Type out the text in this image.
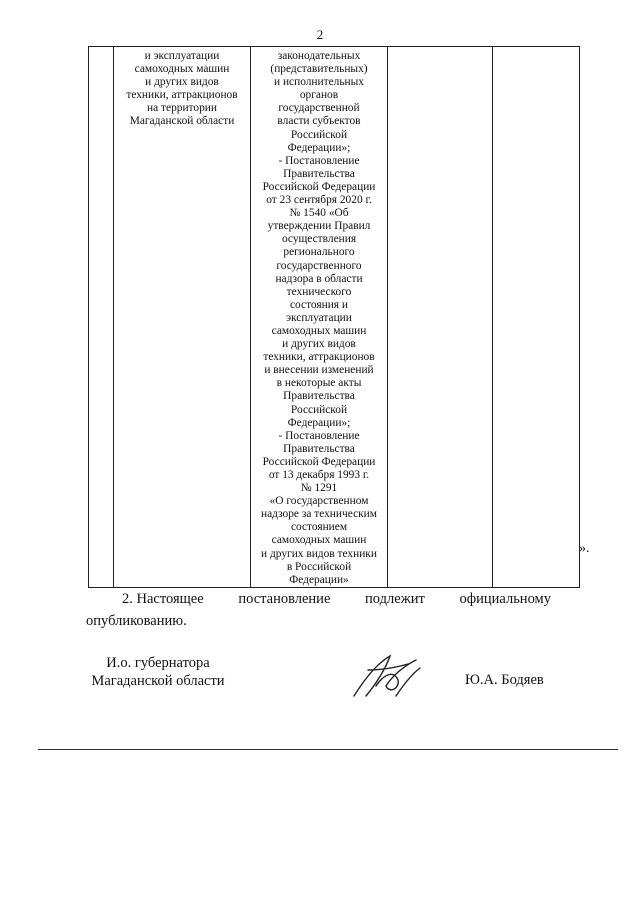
2

и эксплуатации
самоходных машин
и других видов
техники, аттракционов
на территории
Магаданской области

законодательных
(представительных)
и исполнительных
органов
государственной
власти субъектов
Российской
Федерации»;
- Постановление
Правительства
Российской Федерации
от 23 сентября 2020 г.
№ 1540 «Об
утверждении Правил
осуществления
регионального
государственного
надзора в области
технического
состояния и
эксплуатации
самоходных машин
и других видов
техники, аттракционов
и внесении изменений
в некоторые акты
Правительства
Российской
Федерации»;
- Постановление
Правительства
Российской Федерации
от 13 декабря 1993 г.
№ 1291
«О государственном
надзоре за техническим
состоянием
самоходных машин
и других видов техники
в Российской
Федерации»

».
2. Настоящее постановление подлежит официальному
опубликованию.
И.о. губернатора
Магаданской области	Ю.А. Бодяев
